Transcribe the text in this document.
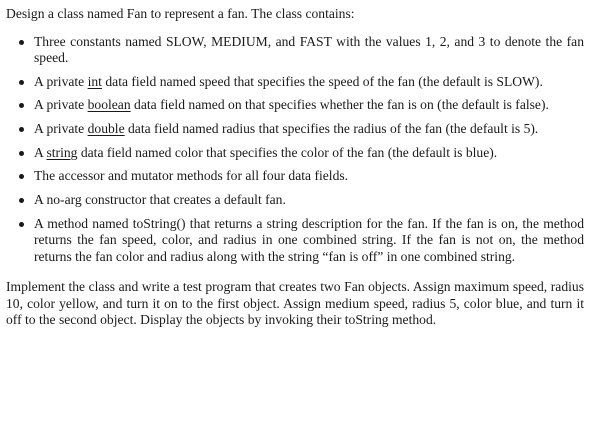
Design a class named Fan to represent a fan. The class contains:

Three constants named SLOW, MEDIUM, and FAST with the values 1, 2, and 3 to denote the fan speed.
A private int data field named speed that specifies the speed of the fan (the default is SLOW).
A private boolean data field named on that specifies whether the fan is on (the default is false).
A private double data field named radius that specifies the radius of the fan (the default is 5).
A string data field named color that specifies the color of the fan (the default is blue).
The accessor and mutator methods for all four data fields.
A no-arg constructor that creates a default fan.
A method named toString() that returns a string description for the fan. If the fan is on, the method returns the fan speed, color, and radius in one combined string. If the fan is not on, the method returns the fan color and radius along with the string “fan is off” in one combined string.

Implement the class and write a test program that creates two Fan objects. Assign maximum speed, radius 10, color yellow, and turn it on to the first object. Assign medium speed, radius 5, color blue, and turn it off to the second object. Display the objects by invoking their toString method.
